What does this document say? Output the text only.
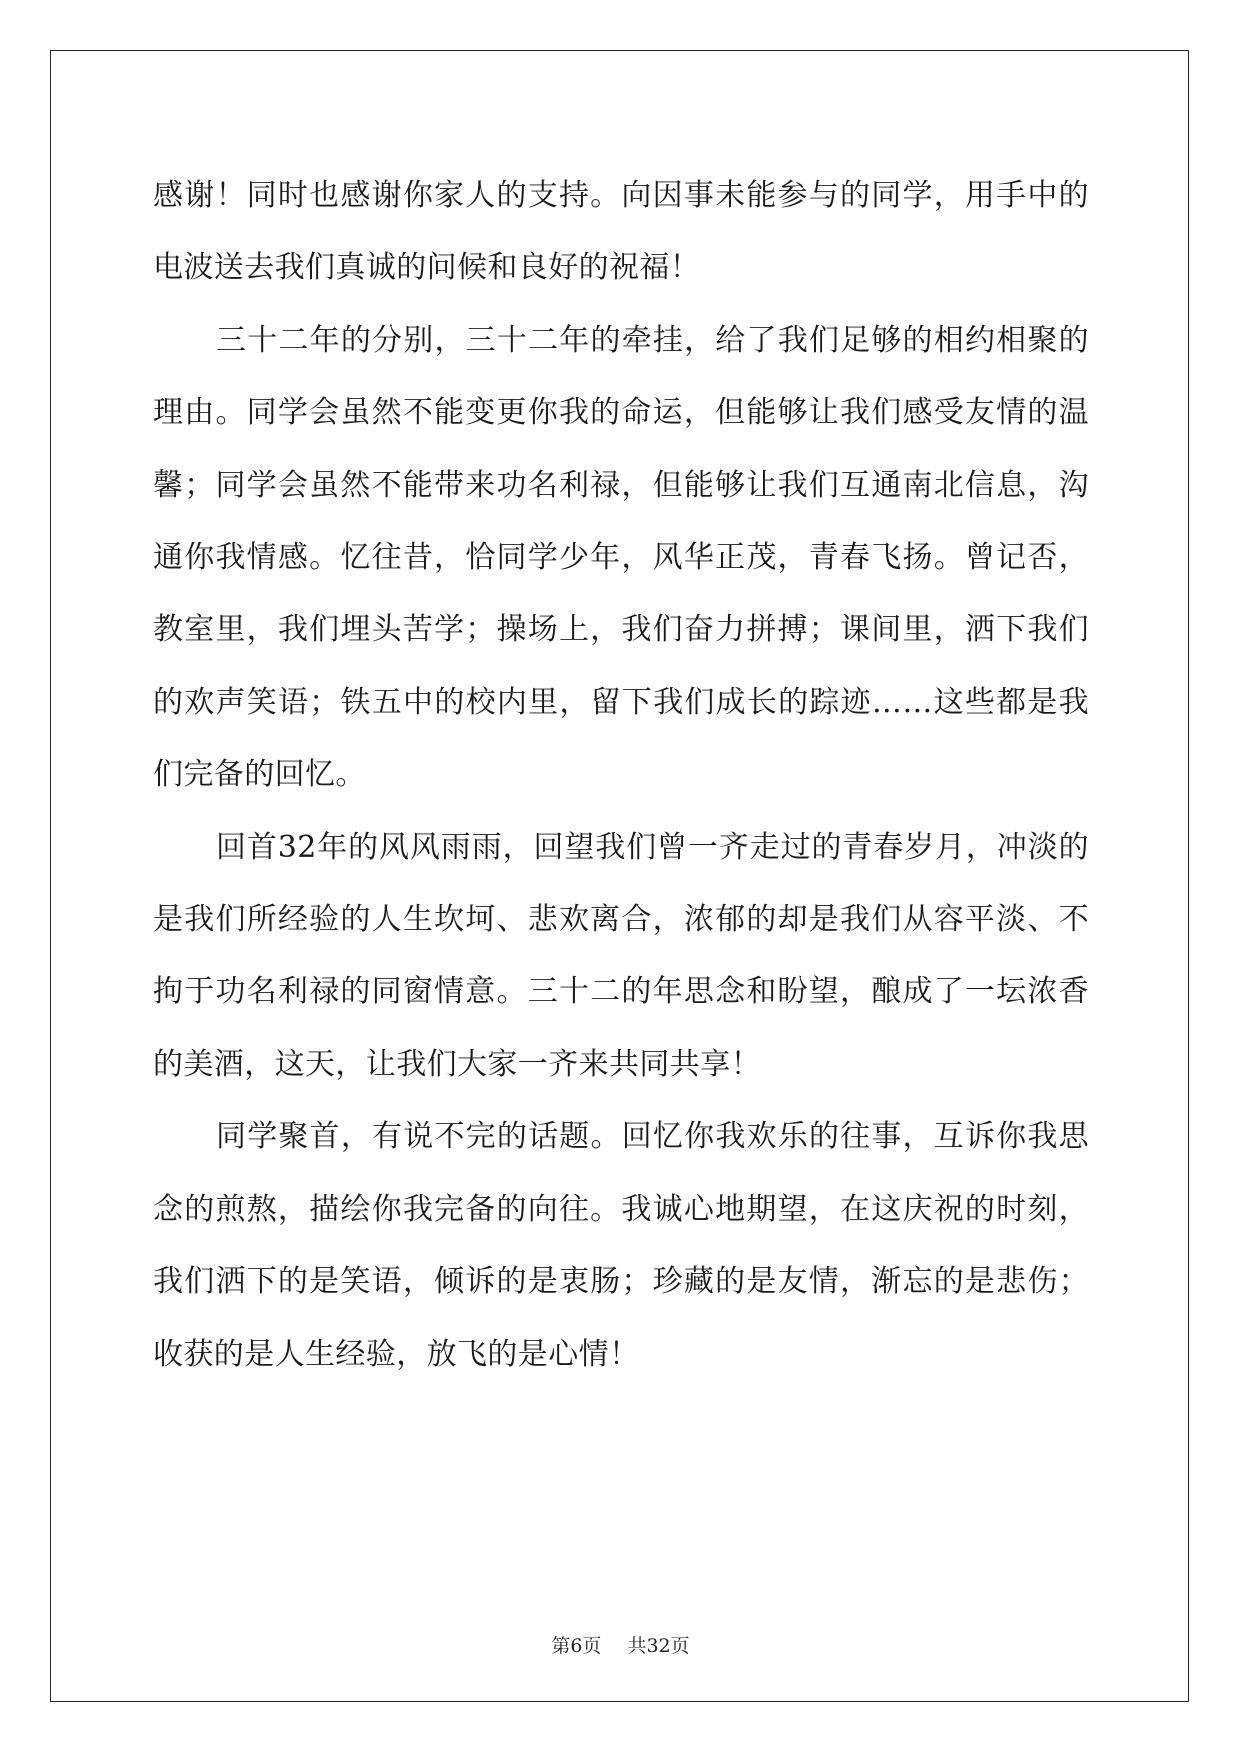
感谢！同时也感谢你家人的支持。向因事未能参与的同学，用手中的电波送去我们真诚的问候和良好的祝福！

三十二年的分别，三十二年的牵挂，给了我们足够的相约相聚的理由。同学会虽然不能变更你我的命运，但能够让我们感受友情的温馨；同学会虽然不能带来功名利禄，但能够让我们互通南北信息，沟通你我情感。忆往昔，恰同学少年，风华正茂，青春飞扬。曾记否，教室里，我们埋头苦学；操场上，我们奋力拼搏；课间里，洒下我们的欢声笑语；铁五中的校内里，留下我们成长的踪迹……这些都是我们完备的回忆。

回首32年的风风雨雨，回望我们曾一齐走过的青春岁月，冲淡的是我们所经验的人生坎坷、悲欢离合，浓郁的却是我们从容平淡、不拘于功名利禄的同窗情意。三十二的年思念和盼望，酿成了一坛浓香的美酒，这天，让我们大家一齐来共同共享！

同学聚首，有说不完的话题。回忆你我欢乐的往事，互诉你我思念的煎熬，描绘你我完备的向往。我诚心地期望，在这庆祝的时刻，我们洒下的是笑语，倾诉的是衷肠；珍藏的是友情，渐忘的是悲伤；收获的是人生经验，放飞的是心情！

第6页 共32页
